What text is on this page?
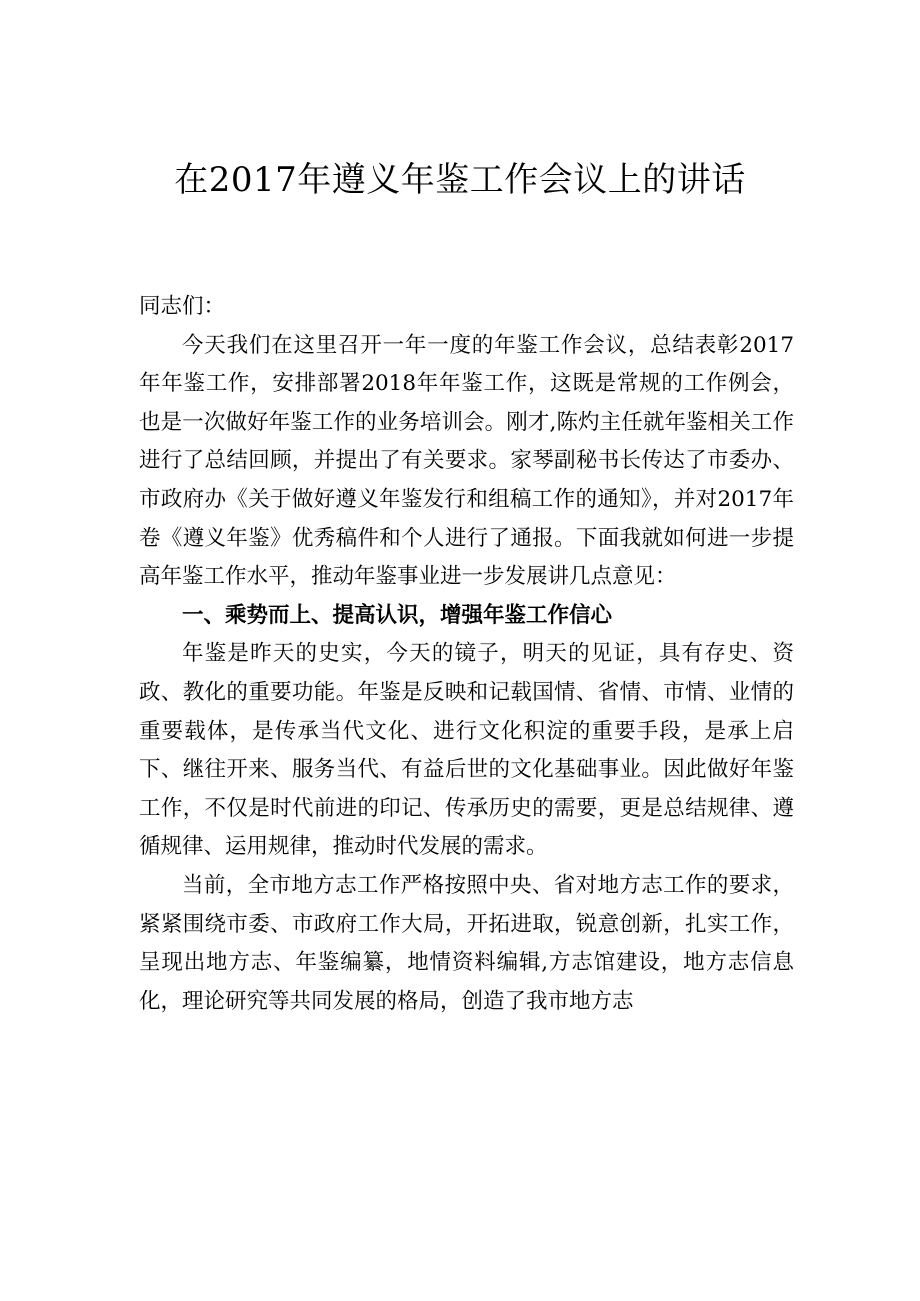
在2017年遵义年鉴工作会议上的讲话

同志们：

今天我们在这里召开一年一度的年鉴工作会议，总结表彰2017年年鉴工作，安排部署2018年年鉴工作，这既是常规的工作例会，也是一次做好年鉴工作的业务培训会。刚才,陈灼主任就年鉴相关工作进行了总结回顾，并提出了有关要求。家琴副秘书长传达了市委办、市政府办《关于做好遵义年鉴发行和组稿工作的通知》，并对2017年卷《遵义年鉴》优秀稿件和个人进行了通报。下面我就如何进一步提高年鉴工作水平，推动年鉴事业进一步发展讲几点意见：

一、乘势而上、提高认识，增强年鉴工作信心

年鉴是昨天的史实，今天的镜子，明天的见证，具有存史、资政、教化的重要功能。年鉴是反映和记载国情、省情、市情、业情的重要载体，是传承当代文化、进行文化积淀的重要手段，是承上启下、继往开来、服务当代、有益后世的文化基础事业。因此做好年鉴工作，不仅是时代前进的印记、传承历史的需要，更是总结规律、遵循规律、运用规律，推动时代发展的需求。

当前，全市地方志工作严格按照中央、省对地方志工作的要求，紧紧围绕市委、市政府工作大局，开拓进取，锐意创新，扎实工作，呈现出地方志、年鉴编纂，地情资料编辑,方志馆建设，地方志信息化，理论研究等共同发展的格局，创造了我市地方志
